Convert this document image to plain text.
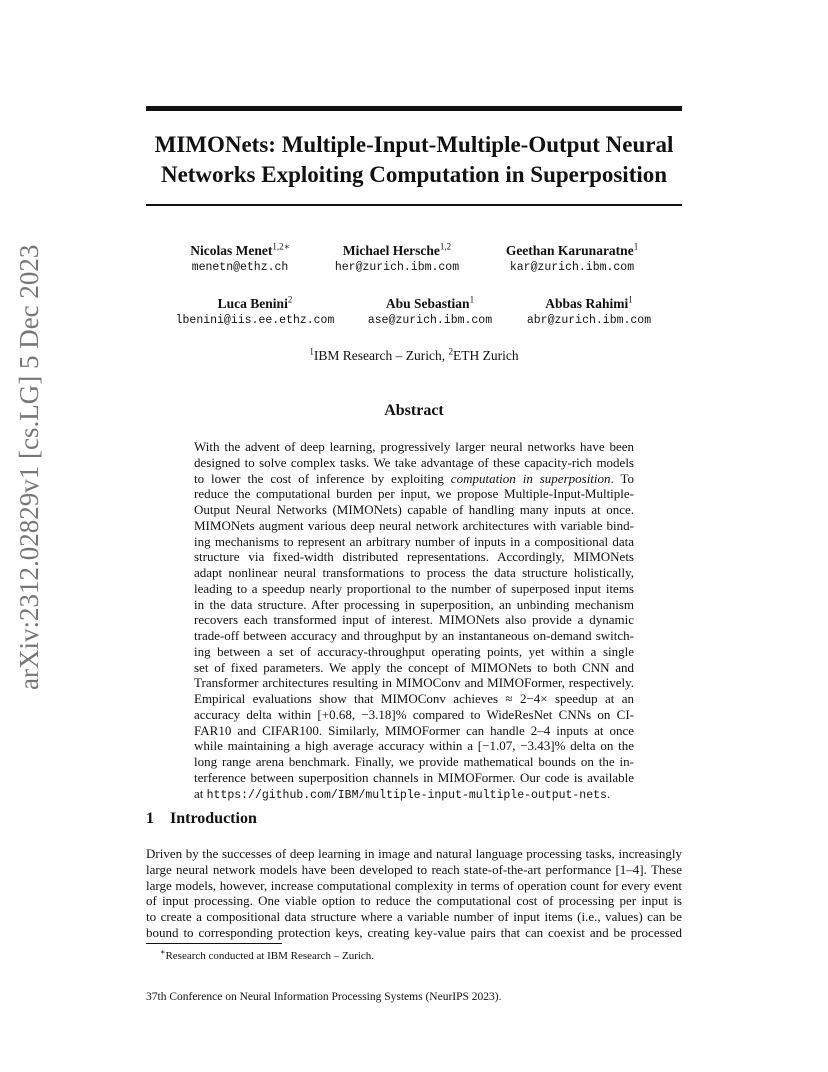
arXiv:2312.02829v1 [cs.LG] 5 Dec 2023
MIMONets: Multiple-Input-Multiple-Output Neural
Networks Exploiting Computation in Superposition
Nicolas Menet$^{1,2∗}$
menetn@ethz.ch
Michael Hersche$^{1,2}$
her@zurich.ibm.com
Geethan Karunaratne$^1$
kar@zurich.ibm.com
Luca Benini$^2$
lbenini@iis.ee.ethz.com
Abu Sebastian$^1$
ase@zurich.ibm.com
Abbas Rahimi$^1$
abr@zurich.ibm.com
$^1$IBM Research – Zurich, $^2$ETH Zurich
Abstract
With the advent of deep learning, progressively larger neural networks have been
designed to solve complex tasks. We take advantage of these capacity-rich models
to lower the cost of inference by exploiting computation in superposition. To
reduce the computational burden per input, we propose Multiple-Input-Multiple-
Output Neural Networks (MIMONets) capable of handling many inputs at once.
MIMONets augment various deep neural network architectures with variable bind-
ing mechanisms to represent an arbitrary number of inputs in a compositional data
structure via fixed-width distributed representations. Accordingly, MIMONets
adapt nonlinear neural transformations to process the data structure holistically,
leading to a speedup nearly proportional to the number of superposed input items
in the data structure. After processing in superposition, an unbinding mechanism
recovers each transformed input of interest. MIMONets also provide a dynamic
trade-off between accuracy and throughput by an instantaneous on-demand switch-
ing between a set of accuracy-throughput operating points, yet within a single
set of fixed parameters. We apply the concept of MIMONets to both CNN and
Transformer architectures resulting in MIMOConv and MIMOFormer, respectively.
Empirical evaluations show that MIMOConv achieves ≈ 2−4× speedup at an
accuracy delta within [+0.68, −3.18]% compared to WideResNet CNNs on CI-
FAR10 and CIFAR100. Similarly, MIMOFormer can handle 2–4 inputs at once
while maintaining a high average accuracy within a [−1.07, −3.43]% delta on the
long range arena benchmark. Finally, we provide mathematical bounds on the in-
terference between superposition channels in MIMOFormer. Our code is available
at https://github.com/IBM/multiple-input-multiple-output-nets.
1 Introduction
Driven by the successes of deep learning in image and natural language processing tasks, increasingly
large neural network models have been developed to reach state-of-the-art performance [1–4]. These
large models, however, increase computational complexity in terms of operation count for every event
of input processing. One viable option to reduce the computational cost of processing per input is
to create a compositional data structure where a variable number of input items (i.e., values) can be
bound to corresponding protection keys, creating key-value pairs that can coexist and be processed
∗Research conducted at IBM Research – Zurich.
37th Conference on Neural Information Processing Systems (NeurIPS 2023).
